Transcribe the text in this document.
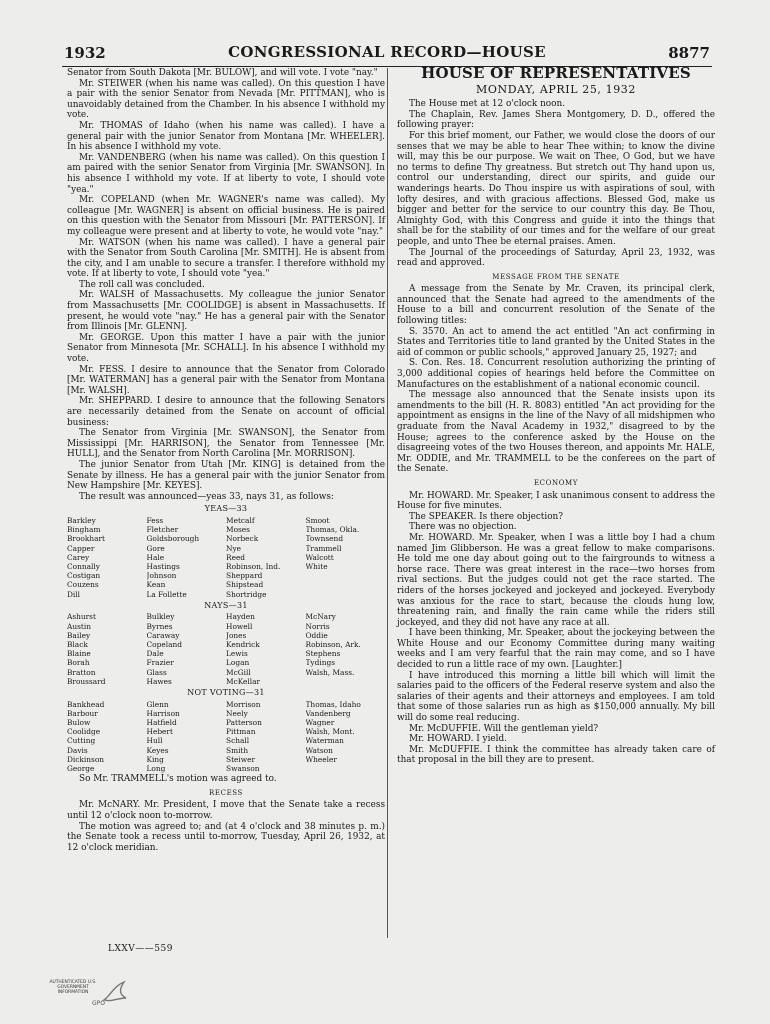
1932	CONGRESSIONAL RECORD—HOUSE	8877

Senator from South Dakota [Mr. BULOW], and will vote. I vote "nay."

Mr. STEIWER (when his name was called). On this question I have a pair with the senior Senator from Nevada [Mr. PITTMAN], who is unavoidably detained from the Chamber. In his absence I withhold my vote.

Mr. THOMAS of Idaho (when his name was called). I have a general pair with the junior Senator from Montana [Mr. WHEELER]. In his absence I withhold my vote.

Mr. VANDENBERG (when his name was called). On this question I am paired with the senior Senator from Virginia [Mr. SWANSON]. In his absence I withhold my vote. If at liberty to vote, I should vote "yea."

Mr. COPELAND (when Mr. WAGNER's name was called). My colleague [Mr. WAGNER] is absent on official business. He is paired on this question with the Senator from Missouri [Mr. PATTERSON]. If my colleague were present and at liberty to vote, he would vote "nay."

Mr. WATSON (when his name was called). I have a general pair with the Senator from South Carolina [Mr. SMITH]. He is absent from the city, and I am unable to secure a transfer. I therefore withhold my vote. If at liberty to vote, I should vote "yea."

The roll call was concluded.

Mr. WALSH of Massachusetts. My colleague the junior Senator from Massachusetts [Mr. COOLIDGE] is absent in Massachusetts. If present, he would vote "nay." He has a general pair with the Senator from Illinois [Mr. GLENN].

Mr. GEORGE. Upon this matter I have a pair with the junior Senator from Minnesota [Mr. SCHALL]. In his absence I withhold my vote.

Mr. FESS. I desire to announce that the Senator from Colorado [Mr. WATERMAN] has a general pair with the Senator from Montana [Mr. WALSH].

Mr. SHEPPARD. I desire to announce that the following Senators are necessarily detained from the Senate on account of official business:

The Senator from Virginia [Mr. SWANSON], the Senator from Mississippi [Mr. HARRISON], the Senator from Tennessee [Mr. HULL], and the Senator from North Carolina [Mr. MORRISON].

The junior Senator from Utah [Mr. KING] is detained from the Senate by illness. He has a general pair with the junior Senator from New Hampshire [Mr. KEYES].

The result was announced—yeas 33, nays 31, as follows:

YEAS—33
Barkley	Fess	Metcalf	Smoot
Bingham	Fletcher	Moses	Thomas, Okla.
Brookhart	Goldsborough	Norbeck	Townsend
Capper	Gore	Nye	Trammell
Carey	Hale	Reed	Walcott
Connally	Hastings	Robinson, Ind.	White
Costigan	Johnson	Sheppard
Couzens	Kean	Shipstead
Dill	La Follette	Shortridge
NAYS—31
Ashurst	Bulkley	Hayden	McNary
Austin	Byrnes	Howell	Norris
Bailey	Caraway	Jones	Oddie
Black	Copeland	Kendrick	Robinson, Ark.
Blaine	Dale	Lewis	Stephens
Borah	Frazier	Logan	Tydings
Bratton	Glass	McGill	Walsh, Mass.
Broussard	Hawes	McKellar
NOT VOTING—31
Bankhead	Glenn	Morrison	Thomas, Idaho
Barbour	Harrison	Neely	Vandenberg
Bulow	Hatfield	Patterson	Wagner
Coolidge	Hebert	Pittman	Walsh, Mont.
Cutting	Hull	Schall	Waterman
Davis	Keyes	Smith	Watson
Dickinson	King	Steiwer	Wheeler
George	Long	Swanson

So Mr. TRAMMELL's motion was agreed to.

RECESS

Mr. McNARY. Mr. President, I move that the Senate take a recess until 12 o'clock noon to-morrow.

The motion was agreed to; and (at 4 o'clock and 38 minutes p. m.) the Senate took a recess until to-morrow, Tuesday, April 26, 1932, at 12 o'clock meridian.

HOUSE OF REPRESENTATIVES
MONDAY, APRIL 25, 1932

The House met at 12 o'clock noon.

The Chaplain, Rev. James Shera Montgomery, D. D., offered the following prayer:

For this brief moment, our Father, we would close the doors of our senses that we may be able to hear Thee within; to know the divine will, may this be our purpose. We wait on Thee, O God, but we have no terms to define Thy greatness. But stretch out Thy hand upon us, control our understanding, direct our spirits, and guide our wanderings hearts. Do Thou inspire us with aspirations of soul, with lofty desires, and with gracious affections. Blessed God, make us bigger and better for the service to our country this day. Be Thou, Almighty God, with this Congress and guide it into the things that shall be for the stability of our times and for the welfare of our great people, and unto Thee be eternal praises. Amen.

The Journal of the proceedings of Saturday, April 23, 1932, was read and approved.

MESSAGE FROM THE SENATE

A message from the Senate by Mr. Craven, its principal clerk, announced that the Senate had agreed to the amendments of the House to a bill and concurrent resolution of the Senate of the following titles:

S. 3570. An act to amend the act entitled "An act confirming in States and Territories title to land granted by the United States in the aid of common or public schools," approved January 25, 1927; and

S. Con. Res. 18. Concurrent resolution authorizing the printing of 3,000 additional copies of hearings held before the Committee on Manufactures on the establishment of a national economic council.

The message also announced that the Senate insists upon its amendments to the bill (H. R. 8083) entitled "An act providing for the appointment as ensigns in the line of the Navy of all midshipmen who graduate from the Naval Academy in 1932," disagreed to by the House; agrees to the conference asked by the House on the disagreeing votes of the two Houses thereon, and appoints Mr. HALE, Mr. ODDIE, and Mr. TRAMMELL to be the conferees on the part of the Senate.

ECONOMY

Mr. HOWARD. Mr. Speaker, I ask unanimous consent to address the House for five minutes.

The SPEAKER. Is there objection?

There was no objection.

Mr. HOWARD. Mr. Speaker, when I was a little boy I had a chum named Jim Glibberson. He was a great fellow to make comparisons. He told me one day about going out to the fairgrounds to witness a horse race. There was great interest in the race—two horses from rival sections. But the judges could not get the race started. The riders of the horses jockeyed and jockeyed and jockeyed. Everybody was anxious for the race to start, because the clouds hung low, threatening rain, and finally the rain came while the riders still jockeyed, and they did not have any race at all.

I have been thinking, Mr. Speaker, about the jockeying between the White House and our Economy Committee during many waiting weeks and I am very fearful that the rain may come, and so I have decided to run a little race of my own. [Laughter.]

I have introduced this morning a little bill which will limit the salaries paid to the officers of the Federal reserve system and also the salaries of their agents and their attorneys and employees. I am told that some of those salaries run as high as $150,000 annually. My bill will do some real reducing.

Mr. McDUFFIE. Will the gentleman yield?

Mr. HOWARD. I yield.

Mr. McDUFFIE. I think the committee has already taken care of that proposal in the bill they are to present.

LXXV——559
AUTHENTICATED U.S. GOVERNMENT INFORMATION
GPO
